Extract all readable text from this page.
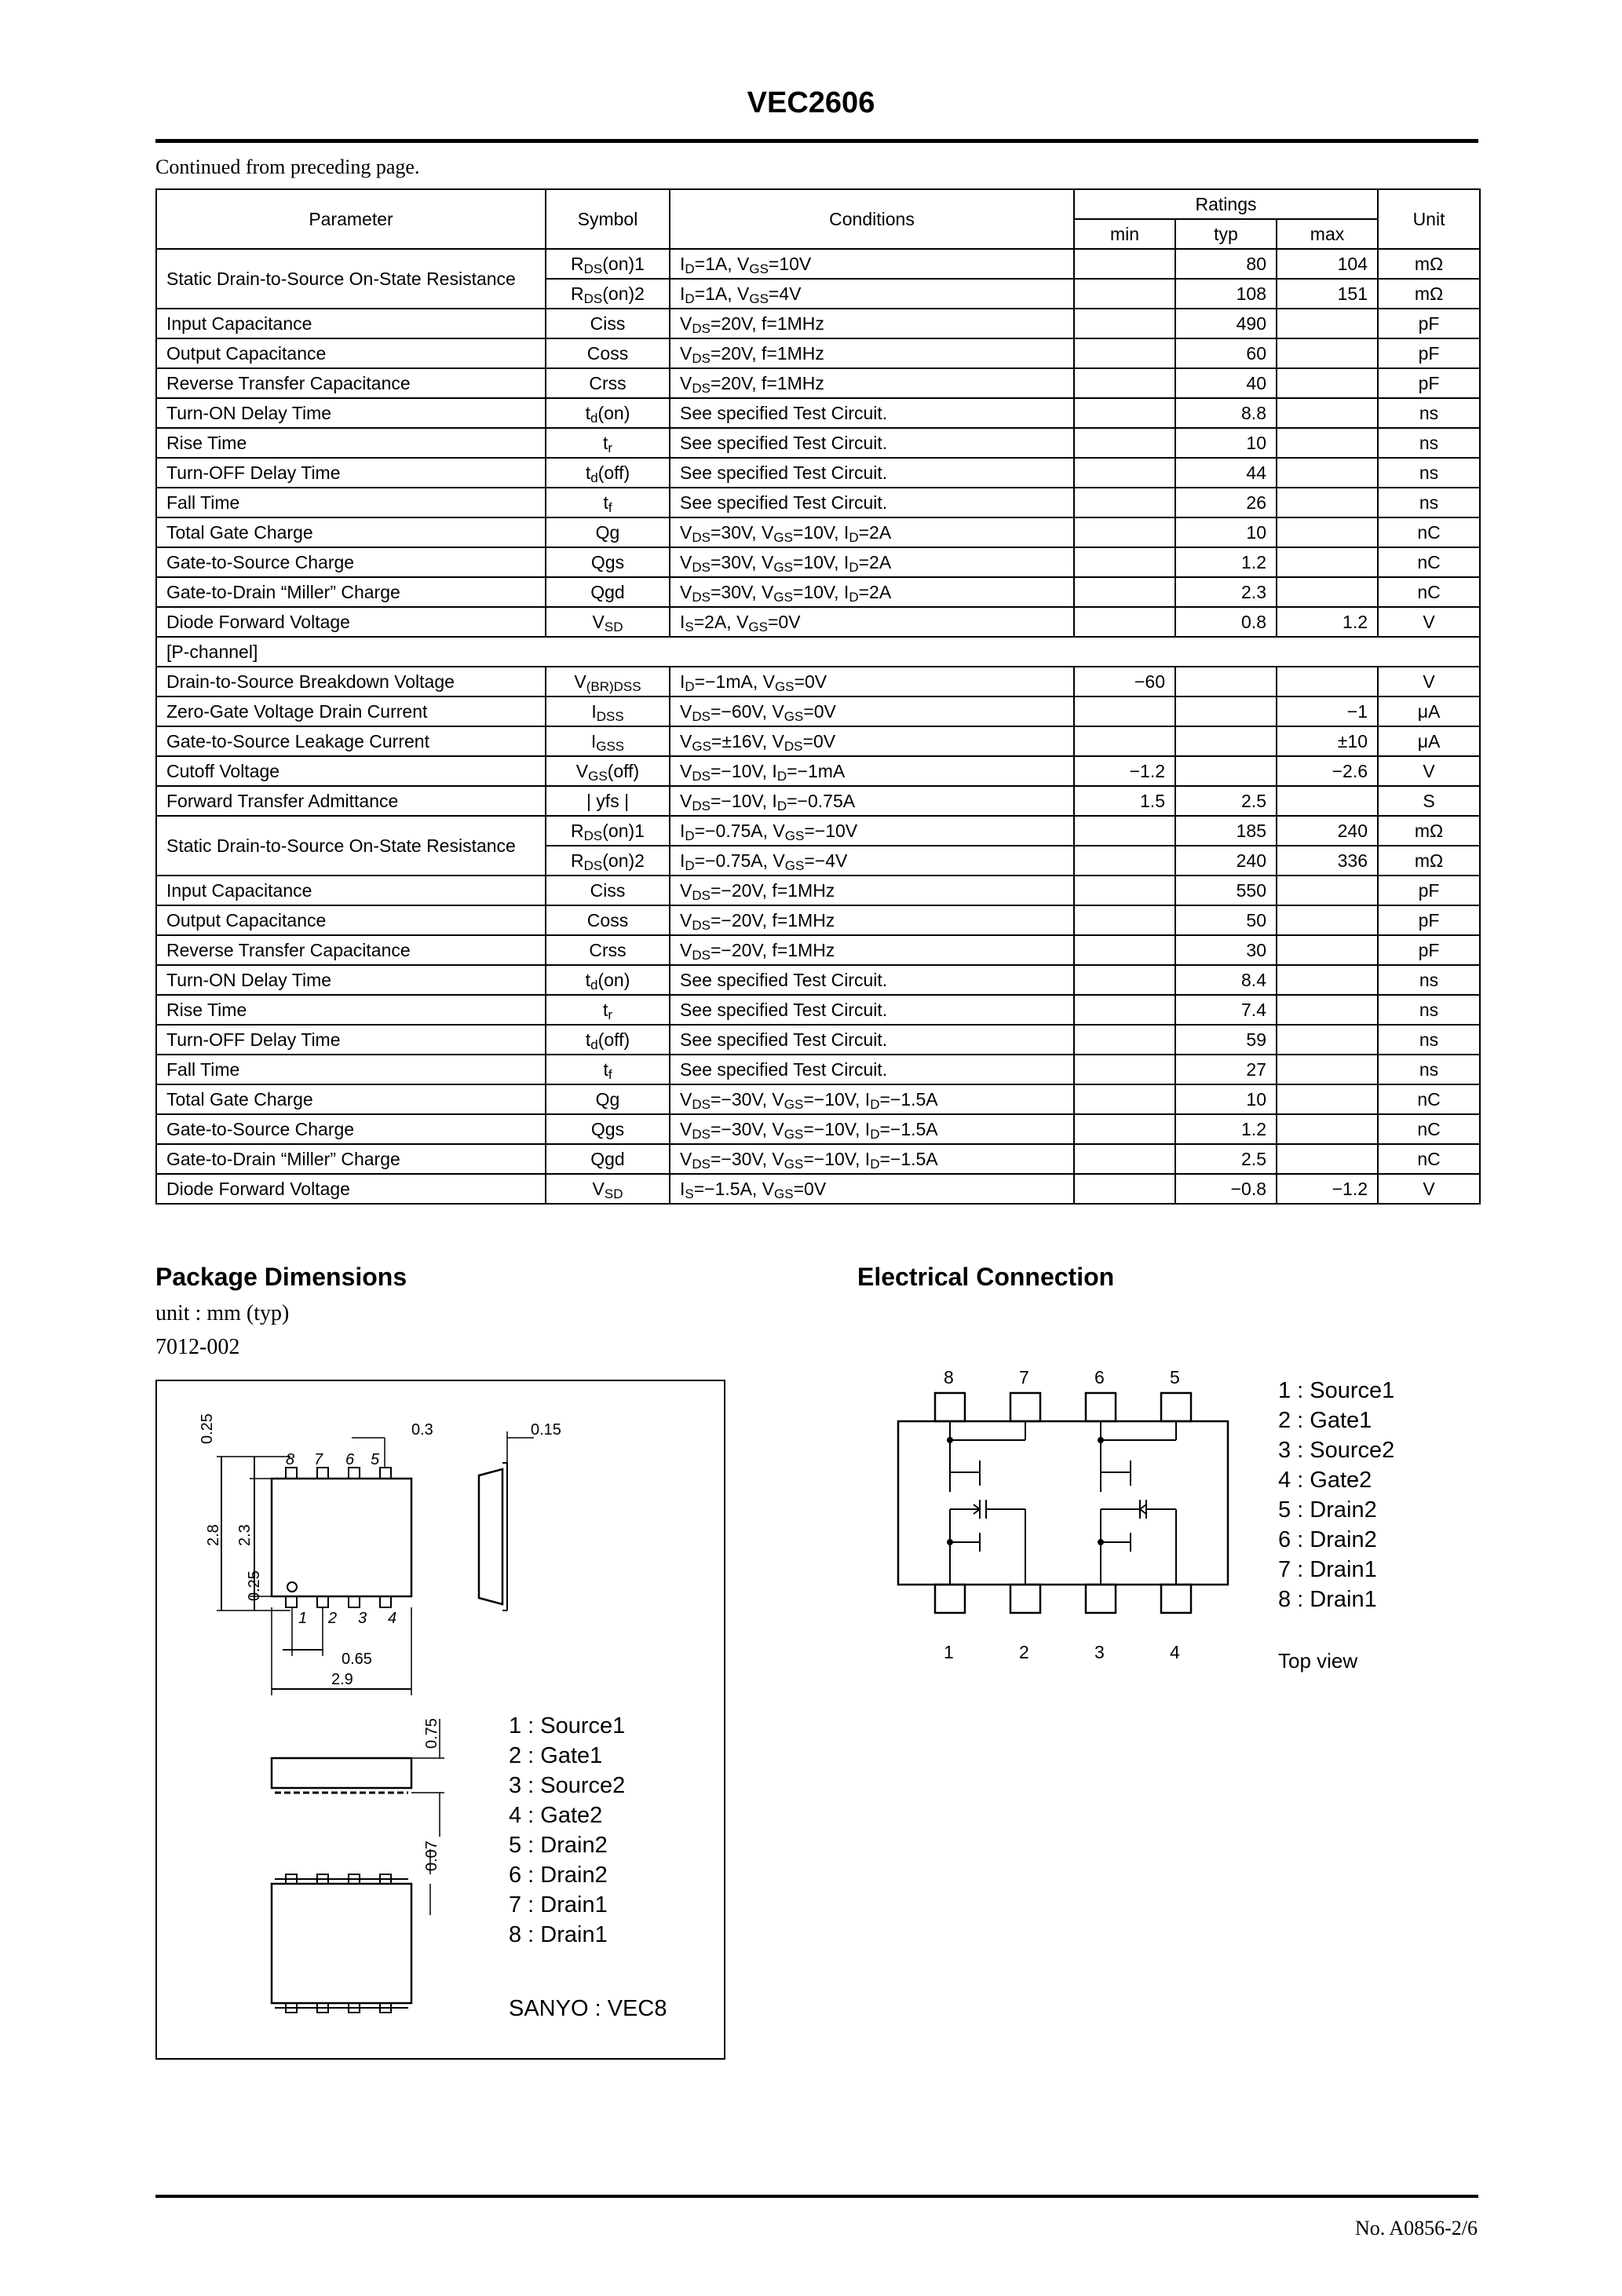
VEC2606
Continued from preceding page.
Parameter	Symbol	Conditions	Ratings			Unit
			min	typ	max	
Static Drain-to-Source On-State Resistance	$R_{DS}(on)1$	$I_D=1A$, $V_{GS}=10V$		80	104	mΩ
	$R_{DS}(on)2$	$I_D=1A$, $V_{GS}=4V$		108	151	mΩ
Input Capacitance	Ciss	$V_{DS}=20V$, f=1MHz		490		pF
Output Capacitance	Coss	$V_{DS}=20V$, f=1MHz		60		pF
Reverse Transfer Capacitance	Crss	$V_{DS}=20V$, f=1MHz		40		pF
Turn-ON Delay Time	$t_d(on)$	See specified Test Circuit.		8.8		ns
Rise Time	$t_r$	See specified Test Circuit.		10		ns
Turn-OFF Delay Time	$t_d(off)$	See specified Test Circuit.		44		ns
Fall Time	$t_f$	See specified Test Circuit.		26		ns
Total Gate Charge	Qg	$V_{DS}=30V$, $V_{GS}=10V$, $I_D=2A$		10		nC
Gate-to-Source Charge	Qgs	$V_{DS}=30V$, $V_{GS}=10V$, $I_D=2A$		1.2		nC
Gate-to-Drain “Miller” Charge	Qgd	$V_{DS}=30V$, $V_{GS}=10V$, $I_D=2A$		2.3		nC
Diode Forward Voltage	$V_{SD}$	$I_S=2A$, $V_{GS}=0V$		0.8	1.2	V
[P-channel]						
Drain-to-Source Breakdown Voltage	$V_{(BR)DSS}$	$I_D=-1mA$, $V_{GS}=0V$	−60			V
Zero-Gate Voltage Drain Current	$I_{DSS}$	$V_{DS}=-60V$, $V_{GS}=0V$			−1	μA
Gate-to-Source Leakage Current	$I_{GSS}$	$V_{GS}=\pm 16V$, $V_{DS}=0V$			±10	μA
Cutoff Voltage	$V_{GS}(off)$	$V_{DS}=-10V$, $I_D=-1mA$	−1.2		−2.6	V
Forward Transfer Admittance	| yfs |	$V_{DS}=-10V$, $I_D=-0.75A$	1.5	2.5		S
Static Drain-to-Source On-State Resistance	$R_{DS}(on)1$	$I_D=-0.75A$, $V_{GS}=-10V$		185	240	mΩ
	$R_{DS}(on)2$	$I_D=-0.75A$, $V_{GS}=-4V$		240	336	mΩ
Input Capacitance	Ciss	$V_{DS}=-20V$, f=1MHz		550		pF
Output Capacitance	Coss	$V_{DS}=-20V$, f=1MHz		50		pF
Reverse Transfer Capacitance	Crss	$V_{DS}=-20V$, f=1MHz		30		pF
Turn-ON Delay Time	$t_d(on)$	See specified Test Circuit.		8.4		ns
Rise Time	$t_r$	See specified Test Circuit.		7.4		ns
Turn-OFF Delay Time	$t_d(off)$	See specified Test Circuit.		59		ns
Fall Time	$t_f$	See specified Test Circuit.		27		ns
Total Gate Charge	Qg	$V_{DS}=-30V$, $V_{GS}=-10V$, $I_D=-1.5A$		10		nC
Gate-to-Source Charge	Qgs	$V_{DS}=-30V$, $V_{GS}=-10V$, $I_D=-1.5A$		1.2		nC
Gate-to-Drain “Miller” Charge	Qgd	$V_{DS}=-30V$, $V_{GS}=-10V$, $I_D=-1.5A$		2.5		nC
Diode Forward Voltage	$V_{SD}$	$I_S=-1.5A$, $V_{GS}=0V$		−0.8	−1.2	V
Package Dimensions
unit : mm (typ)
7012-002
0.25
0.25
2.8 2.3
0.3	0.15
0.65
2.9
0.75
0.07
8 7 6 5
1 2 3 4
1 : Source1
2 : Gate1
3 : Source2
4 : Gate2
5 : Drain2
6 : Drain2
7 : Drain1
8 : Drain1
SANYO : VEC8
Electrical Connection
8	7	6	5
1	2	3	4
1 : Source1
2 : Gate1
3 : Source2
4 : Gate2
5 : Drain2
6 : Drain2
7 : Drain1
8 : Drain1
Top view
No. A0856-2/6
